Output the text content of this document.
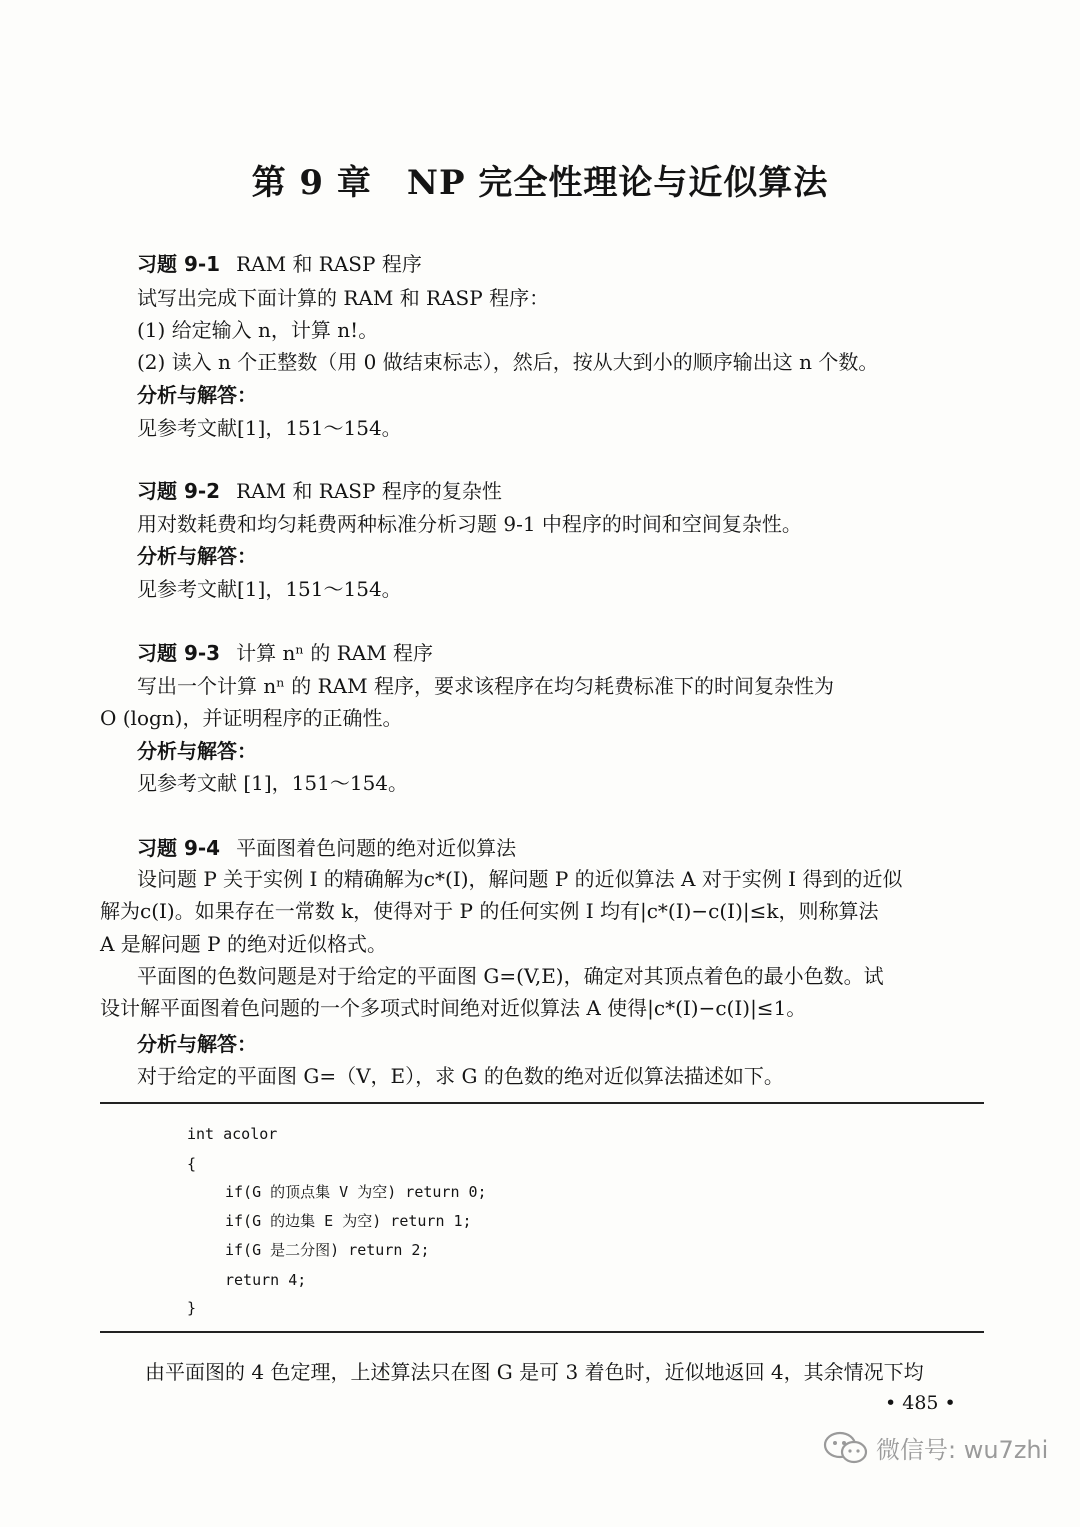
第 9 章　NP 完全性理论与近似算法
习题 9-1 RAM 和 RASP 程序
试写出完成下面计算的 RAM 和 RASP 程序：
(1) 给定输入 n，计算 n!。
(2) 读入 n 个正整数（用 0 做结束标志），然后，按从大到小的顺序输出这 n 个数。
分析与解答：
见参考文献[1]，151～154。
习题 9-2 RAM 和 RASP 程序的复杂性
用对数耗费和均匀耗费两种标准分析习题 9-1 中程序的时间和空间复杂性。
分析与解答：
见参考文献[1]，151～154。
习题 9-3 计算 nⁿ 的 RAM 程序
写出一个计算 nⁿ 的 RAM 程序，要求该程序在均匀耗费标准下的时间复杂性为
O (logn)，并证明程序的正确性。
分析与解答：
见参考文献 [1]，151～154。
习题 9-4 平面图着色问题的绝对近似算法
设问题 P 关于实例 I 的精确解为c*(I)，解问题 P 的近似算法 A 对于实例 I 得到的近似
解为c(I)。如果存在一常数 k，使得对于 P 的任何实例 I 均有|c*(I)−c(I)|≤k，则称算法
A 是解问题 P 的绝对近似格式。
平面图的色数问题是对于给定的平面图 G=(V,E)，确定对其顶点着色的最小色数。试
设计解平面图着色问题的一个多项式时间绝对近似算法 A 使得|c*(I)−c(I)|≤1。
分析与解答：
对于给定的平面图 G=（V，E），求 G 的色数的绝对近似算法描述如下。
int acolor
{
if(G 的顶点集 V 为空) return 0;
if(G 的边集 E 为空) return 1;
if(G 是二分图) return 2;
return 4;
}
由平面图的 4 色定理，上述算法只在图 G 是可 3 着色时，近似地返回 4，其余情况下均
• 485 •
微信号: wu7zhi
